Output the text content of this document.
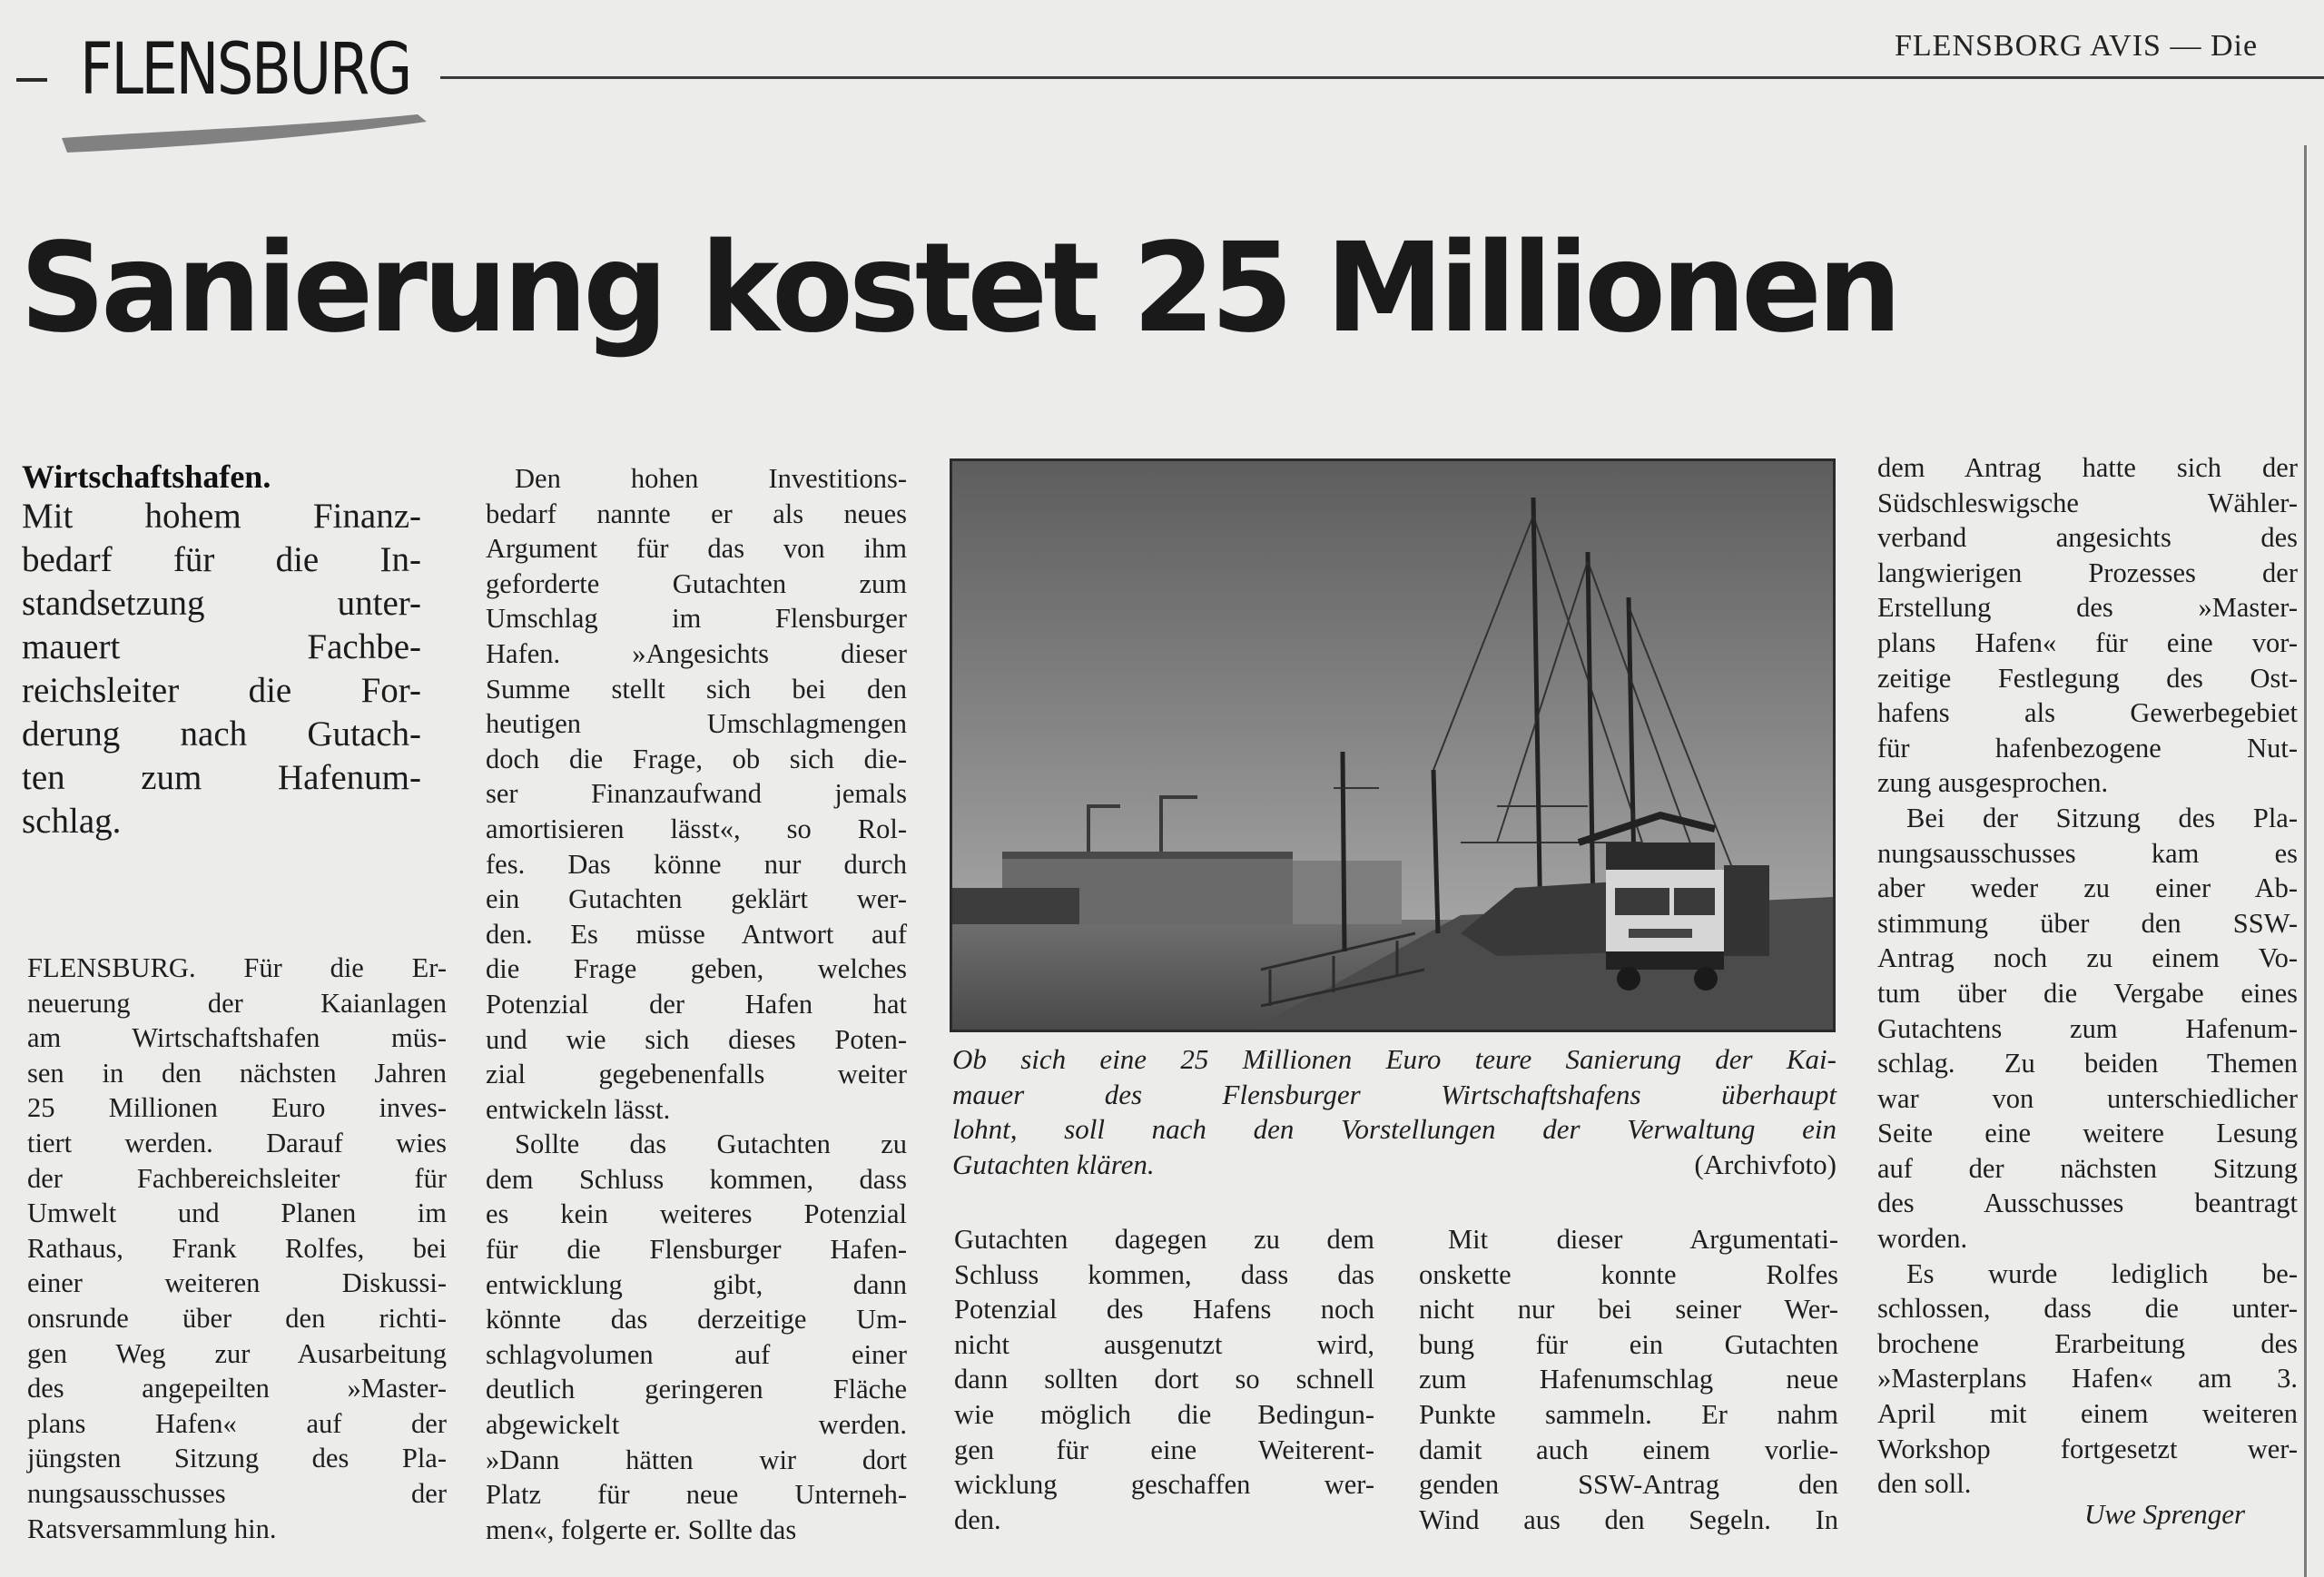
FLENSBURG	FLENSBORG AVIS — Die
Sanierung kostet 25 Millionen
Wirtschaftshafen.
Mit hohem Finanz-
bedarf für die In-
standsetzung unter-
mauert Fachbe-
reichsleiter die For-
derung nach Gutach-
ten zum Hafenum-
schlag.
FLENSBURG. Für die Er-
neuerung der Kaianlagen
am Wirtschaftshafen müs-
sen in den nächsten Jahren
25 Millionen Euro inves-
tiert werden. Darauf wies
der Fachbereichsleiter für
Umwelt und Planen im
Rathaus, Frank Rolfes, bei
einer weiteren Diskussi-
onsrunde über den richti-
gen Weg zur Ausarbeitung
des angepeilten »Master-
plans Hafen« auf der
jüngsten Sitzung des Pla-
nungsausschusses der
Ratsversammlung hin.
Den hohen Investitions-
bedarf nannte er als neues
Argument für das von ihm
geforderte Gutachten zum
Umschlag im Flensburger
Hafen. »Angesichts dieser
Summe stellt sich bei den
heutigen Umschlagmengen
doch die Frage, ob sich die-
ser Finanzaufwand jemals
amortisieren lässt«, so Rol-
fes. Das könne nur durch
ein Gutachten geklärt wer-
den. Es müsse Antwort auf
die Frage geben, welches
Potenzial der Hafen hat
und wie sich dieses Poten-
zial gegebenenfalls weiter
entwickeln lässt.
Sollte das Gutachten zu
dem Schluss kommen, dass
es kein weiteres Potenzial
für die Flensburger Hafen-
entwicklung gibt, dann
könnte das derzeitige Um-
schlagvolumen auf einer
deutlich geringeren Fläche
abgewickelt werden.
»Dann hätten wir dort
Platz für neue Unterneh-
men«, folgerte er. Sollte das
Ob sich eine 25 Millionen Euro teure Sanierung der Kai-
mauer des Flensburger Wirtschaftshafens überhaupt
lohnt, soll nach den Vorstellungen der Verwaltung ein
Gutachten klären.	(Archivfoto)
Gutachten dagegen zu dem
Schluss kommen, dass das
Potenzial des Hafens noch
nicht ausgenutzt wird,
dann sollten dort so schnell
wie möglich die Bedingun-
gen für eine Weiterent-
wicklung geschaffen wer-
den.
Mit dieser Argumentati-
onskette konnte Rolfes
nicht nur bei seiner Wer-
bung für ein Gutachten
zum Hafenumschlag neue
Punkte sammeln. Er nahm
damit auch einem vorlie-
genden SSW-Antrag den
Wind aus den Segeln. In
dem Antrag hatte sich der
Südschleswigsche Wähler-
verband angesichts des
langwierigen Prozesses der
Erstellung des »Master-
plans Hafen« für eine vor-
zeitige Festlegung des Ost-
hafens als Gewerbegebiet
für hafenbezogene Nut-
zung ausgesprochen.
Bei der Sitzung des Pla-
nungsausschusses kam es
aber weder zu einer Ab-
stimmung über den SSW-
Antrag noch zu einem Vo-
tum über die Vergabe eines
Gutachtens zum Hafenum-
schlag. Zu beiden Themen
war von unterschiedlicher
Seite eine weitere Lesung
auf der nächsten Sitzung
des Ausschusses beantragt
worden.
Es wurde lediglich be-
schlossen, dass die unter-
brochene Erarbeitung des
»Masterplans Hafen« am 3.
April mit einem weiteren
Workshop fortgesetzt wer-
den soll.
Uwe Sprenger
